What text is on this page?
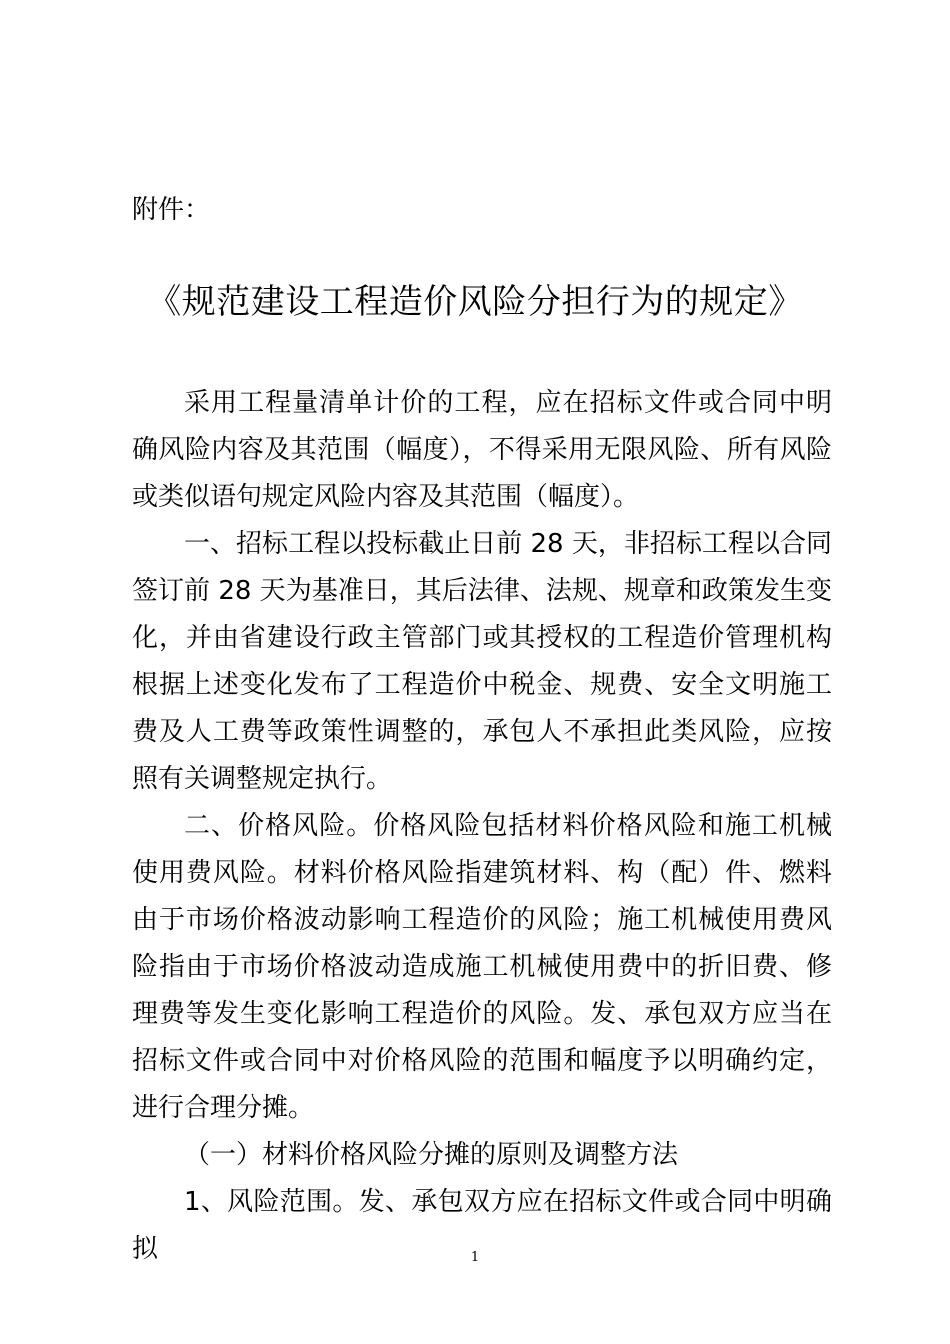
附件：
《规范建设工程造价风险分担行为的规定》

采用工程量清单计价的工程，应在招标文件或合同中明确风险内容及其范围（幅度），不得采用无限风险、所有风险或类似语句规定风险内容及其范围（幅度）。

一、招标工程以投标截止日前 28 天，非招标工程以合同签订前 28 天为基准日，其后法律、法规、规章和政策发生变化，并由省建设行政主管部门或其授权的工程造价管理机构根据上述变化发布了工程造价中税金、规费、安全文明施工费及人工费等政策性调整的，承包人不承担此类风险，应按照有关调整规定执行。

二、价格风险。价格风险包括材料价格风险和施工机械使用费风险。材料价格风险指建筑材料、构（配）件、燃料由于市场价格波动影响工程造价的风险；施工机械使用费风险指由于市场价格波动造成施工机械使用费中的折旧费、修理费等发生变化影响工程造价的风险。发、承包双方应当在招标文件或合同中对价格风险的范围和幅度予以明确约定，进行合理分摊。

（一）材料价格风险分摊的原则及调整方法

1、风险范围。发、承包双方应在招标文件或合同中明确拟	1
